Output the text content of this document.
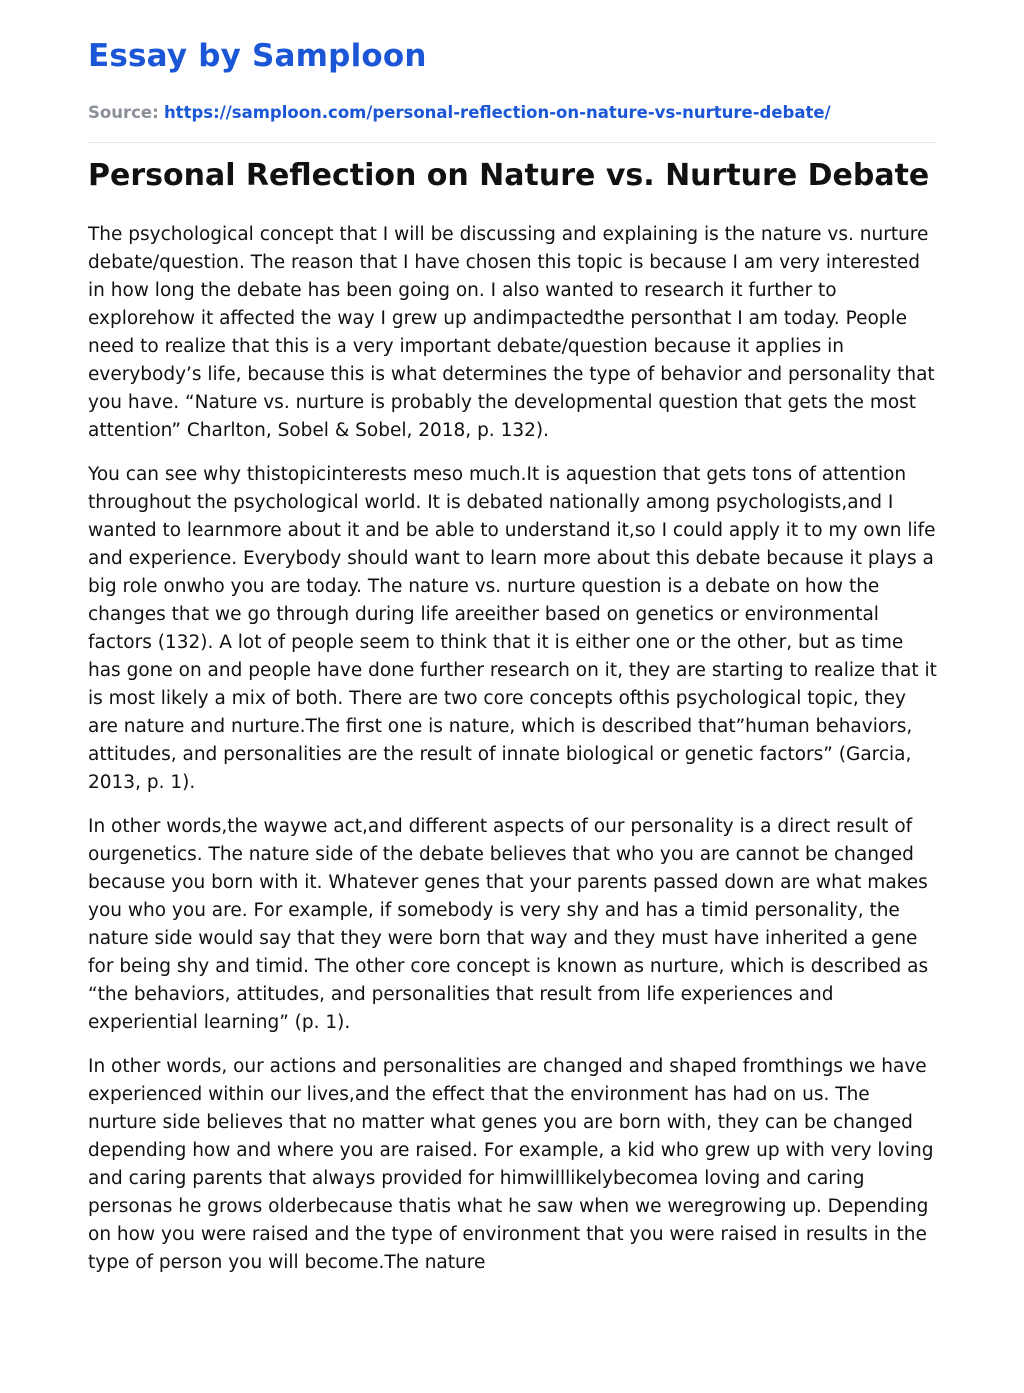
Essay by Samploon
Source: https://samploon.com/personal-reflection-on-nature-vs-nurture-debate/
Personal Reflection on Nature vs. Nurture Debate

The psychological concept that I will be discussing and explaining is the nature vs. nurture debate/question. The reason that I have chosen this topic is because I am very interested in how long the debate has been going on. I also wanted to research it further to explorehow it affected the way I grew up andimpactedthe personthat I am today. People need to realize that this is a very important debate/question because it applies in everybody’s life, because this is what determines the type of behavior and personality that you have. “Nature vs. nurture is probably the developmental question that gets the most attention” Charlton, Sobel & Sobel, 2018, p. 132).

You can see why thistopicinterests meso much.It is aquestion that gets tons of attention throughout the psychological world. It is debated nationally among psychologists,and I wanted to learnmore about it and be able to understand it,so I could apply it to my own life and experience. Everybody should want to learn more about this debate because it plays a big role onwho you are today. The nature vs. nurture question is a debate on how the changes that we go through during life areeither based on genetics or environmental factors (132). A lot of people seem to think that it is either one or the other, but as time has gone on and people have done further research on it, they are starting to realize that it is most likely a mix of both. There are two core concepts ofthis psychological topic, they are nature and nurture.The first one is nature, which is described that”human behaviors, attitudes, and personalities are the result of innate biological or genetic factors” (Garcia, 2013, p. 1).

In other words,the waywe act,and different aspects of our personality is a direct result of ourgenetics. The nature side of the debate believes that who you are cannot be changed because you born with it. Whatever genes that your parents passed down are what makes you who you are. For example, if somebody is very shy and has a timid personality, the nature side would say that they were born that way and they must have inherited a gene for being shy and timid. The other core concept is known as nurture, which is described as “the behaviors, attitudes, and personalities that result from life experiences and experiential learning” (p. 1).

In other words, our actions and personalities are changed and shaped fromthings we have experienced within our lives,and the effect that the environment has had on us. The nurture side believes that no matter what genes you are born with, they can be changed depending how and where you are raised. For example, a kid who grew up with very loving and caring parents that always provided for himwilllikelybecomea loving and caring personas he grows olderbecause thatis what he saw when we weregrowing up. Depending on how you were raised and the type of environment that you were raised in results in the type of person you will become.The nature
